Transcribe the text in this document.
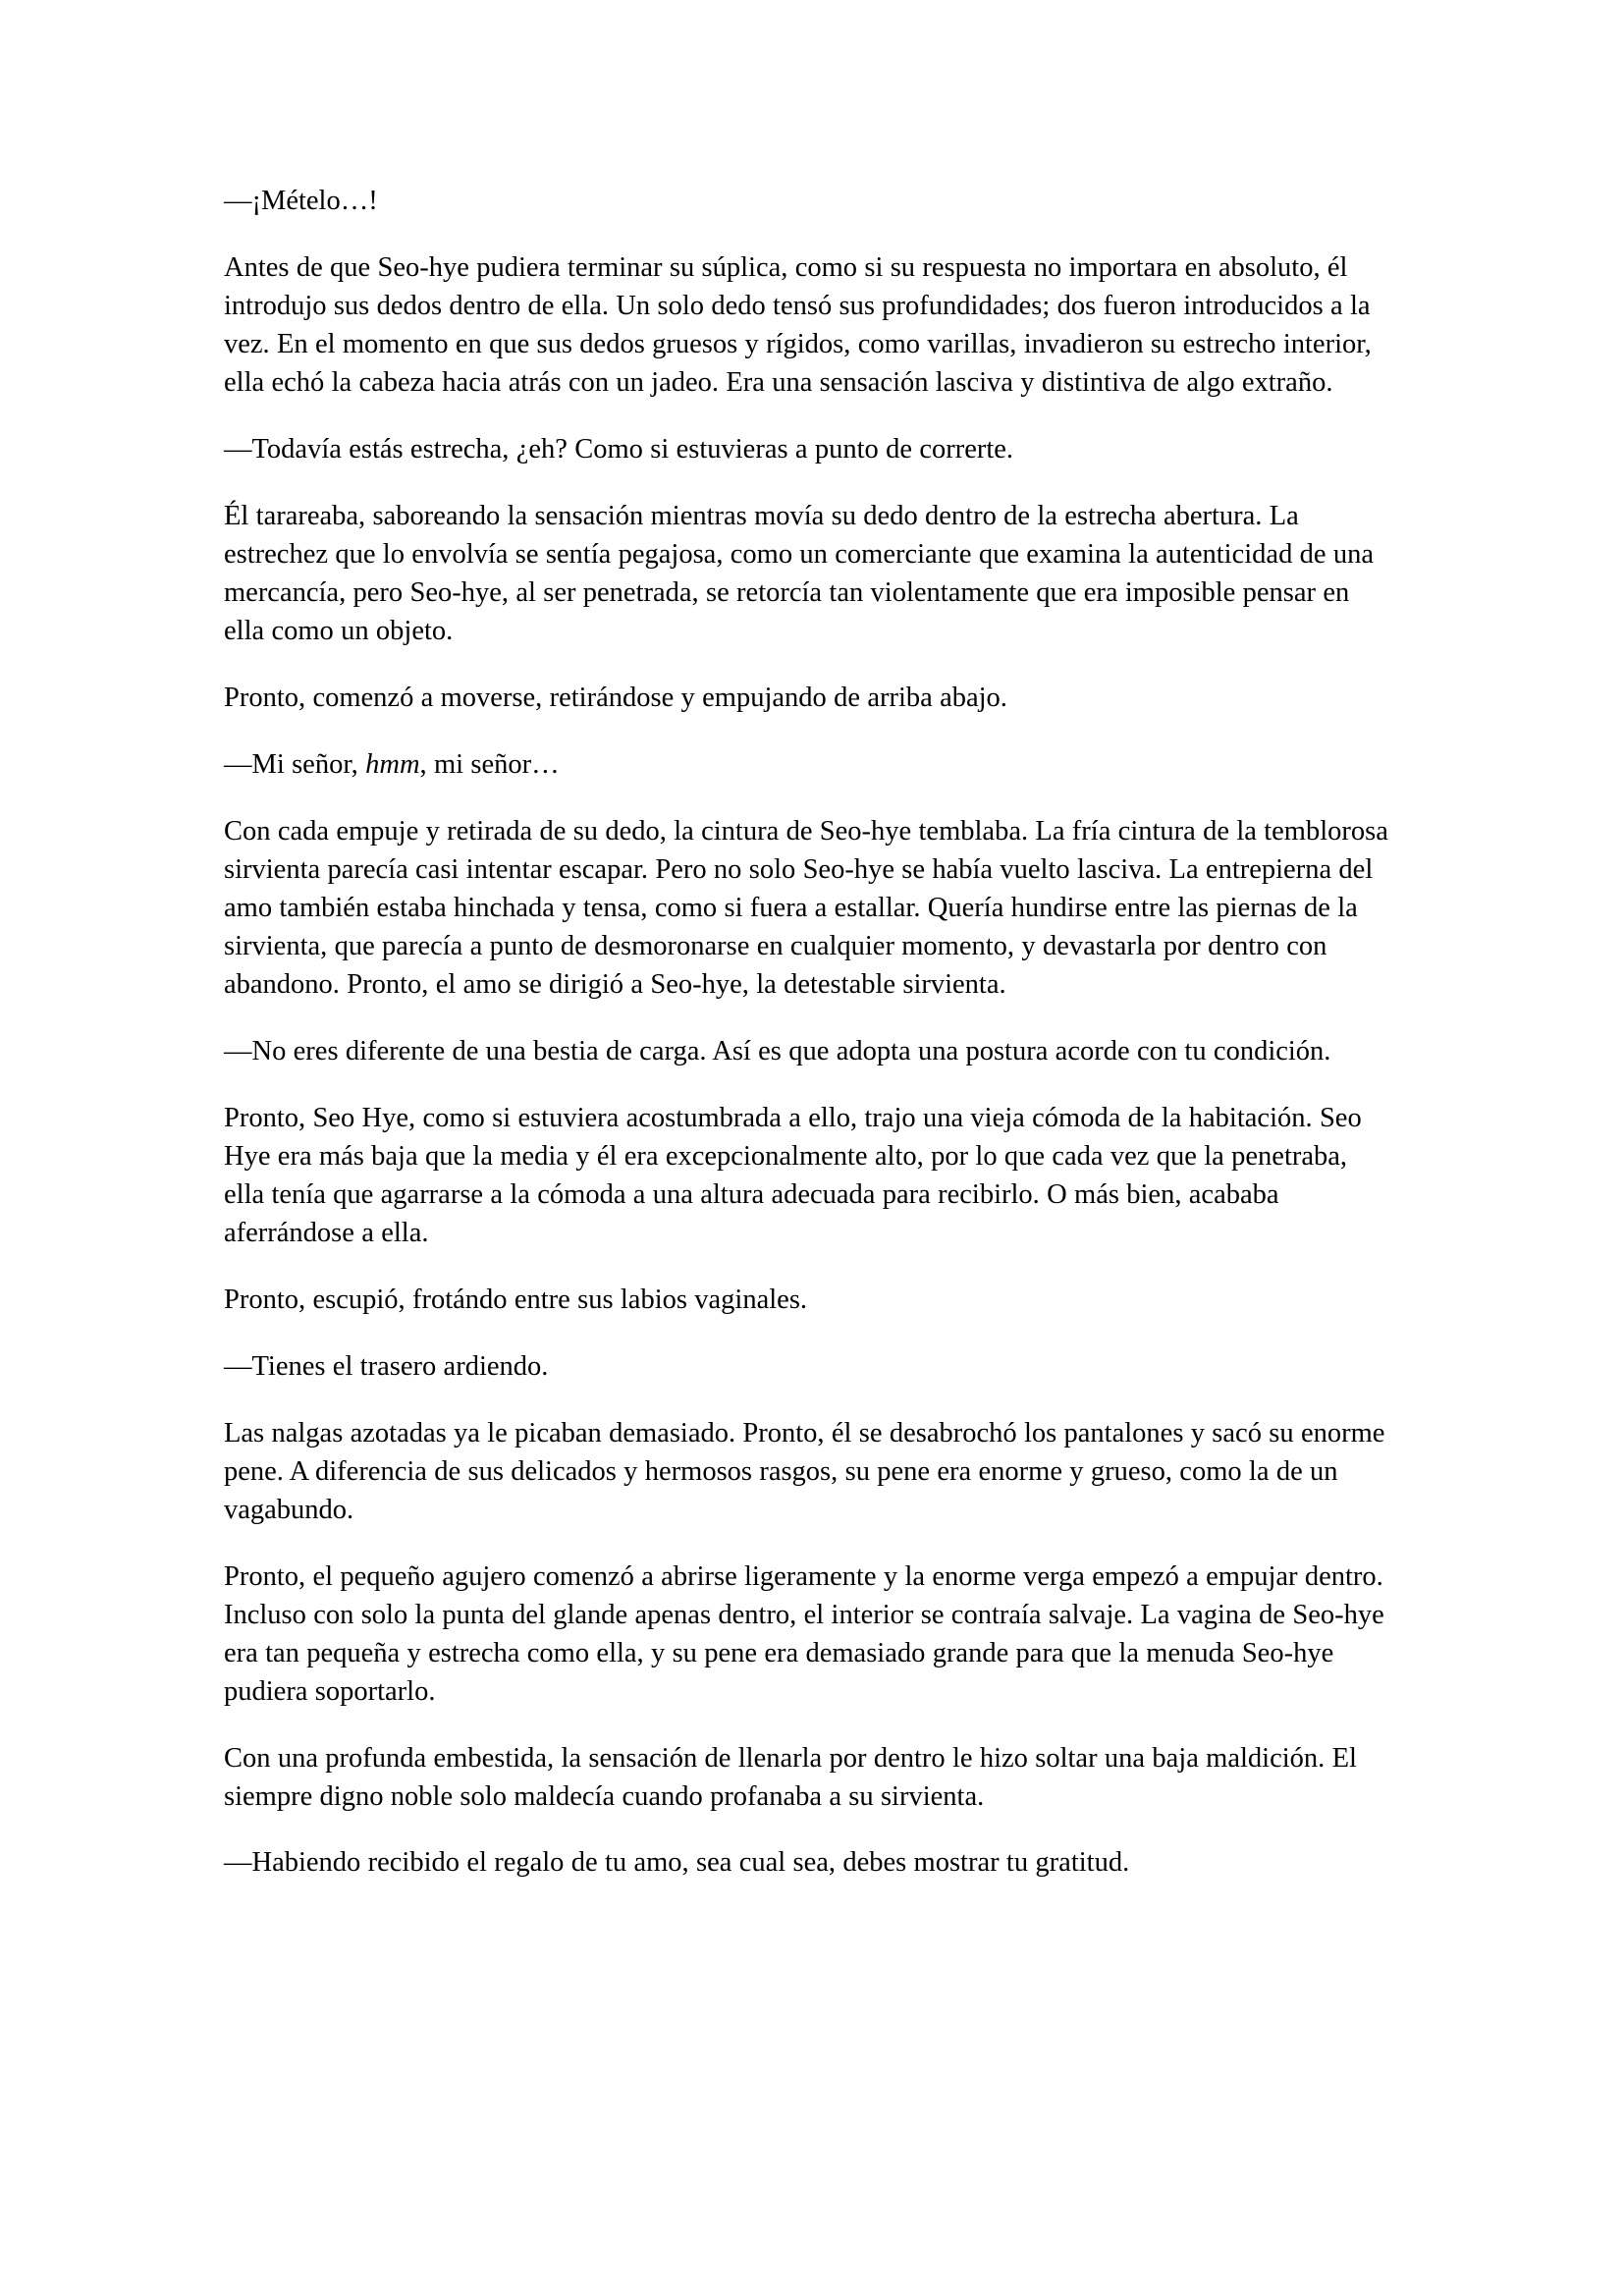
—¡Mételo…!

Antes de que Seo-hye pudiera terminar su súplica, como si su respuesta no importara en absoluto, él introdujo sus dedos dentro de ella. Un solo dedo tensó sus profundidades; dos fueron introducidos a la vez. En el momento en que sus dedos gruesos y rígidos, como varillas, invadieron su estrecho interior, ella echó la cabeza hacia atrás con un jadeo. Era una sensación lasciva y distintiva de algo extraño.

—Todavía estás estrecha, ¿eh? Como si estuvieras a punto de correrte.

Él tarareaba, saboreando la sensación mientras movía su dedo dentro de la estrecha abertura. La estrechez que lo envolvía se sentía pegajosa, como un comerciante que examina la autenticidad de una mercancía, pero Seo-hye, al ser penetrada, se retorcía tan violentamente que era imposible pensar en ella como un objeto.

Pronto, comenzó a moverse, retirándose y empujando de arriba abajo.

—Mi señor, hmm, mi señor…

Con cada empuje y retirada de su dedo, la cintura de Seo-hye temblaba. La fría cintura de la temblorosa sirvienta parecía casi intentar escapar. Pero no solo Seo-hye se había vuelto lasciva. La entrepierna del amo también estaba hinchada y tensa, como si fuera a estallar. Quería hundirse entre las piernas de la sirvienta, que parecía a punto de desmoronarse en cualquier momento, y devastarla por dentro con abandono. Pronto, el amo se dirigió a Seo-hye, la detestable sirvienta.

—No eres diferente de una bestia de carga. Así es que adopta una postura acorde con tu condición.

Pronto, Seo Hye, como si estuviera acostumbrada a ello, trajo una vieja cómoda de la habitación. Seo Hye era más baja que la media y él era excepcionalmente alto, por lo que cada vez que la penetraba, ella tenía que agarrarse a la cómoda a una altura adecuada para recibirlo. O más bien, acababa aferrándose a ella.

Pronto, escupió, frotándo entre sus labios vaginales.

—Tienes el trasero ardiendo.

Las nalgas azotadas ya le picaban demasiado. Pronto, él se desabrochó los pantalones y sacó su enorme pene. A diferencia de sus delicados y hermosos rasgos, su pene era enorme y grueso, como la de un vagabundo.

Pronto, el pequeño agujero comenzó a abrirse ligeramente y la enorme verga empezó a empujar dentro. Incluso con solo la punta del glande apenas dentro, el interior se contraía salvaje. La vagina de Seo-hye era tan pequeña y estrecha como ella, y su pene era demasiado grande para que la menuda Seo-hye pudiera soportarlo.

Con una profunda embestida, la sensación de llenarla por dentro le hizo soltar una baja maldición. El siempre digno noble solo maldecía cuando profanaba a su sirvienta.

—Habiendo recibido el regalo de tu amo, sea cual sea, debes mostrar tu gratitud.
